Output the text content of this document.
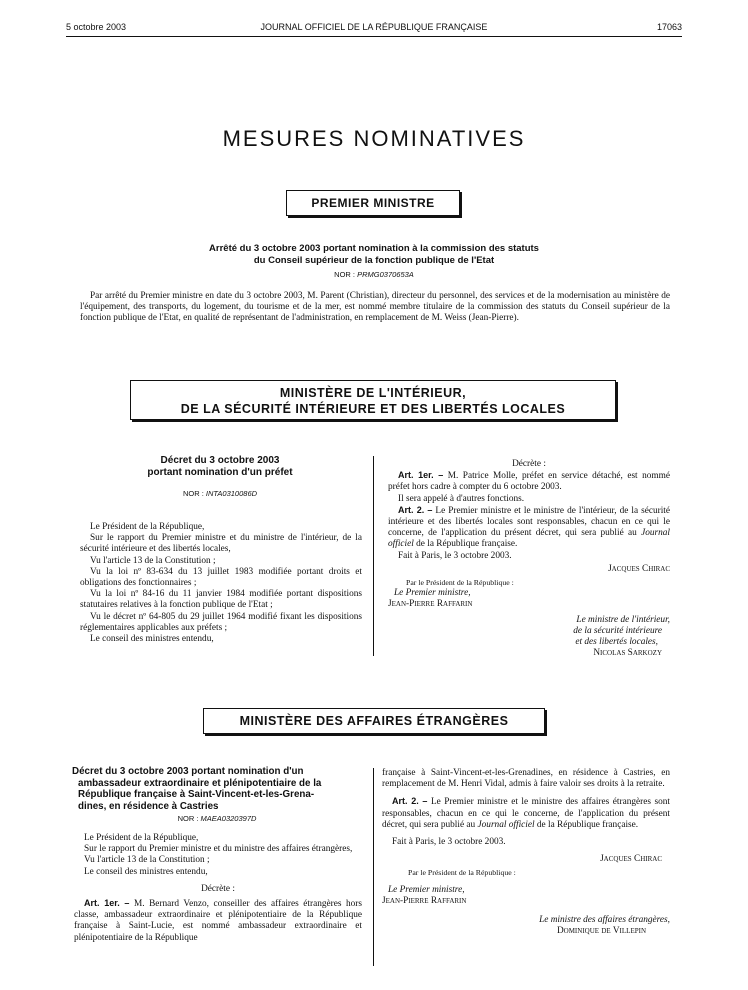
5 octobre 2003	JOURNAL OFFICIEL DE LA RÉPUBLIQUE FRANÇAISE	17063
MESURES NOMINATIVES
PREMIER MINISTRE
Arrêté du 3 octobre 2003 portant nomination à la commission des statuts
du Conseil supérieur de la fonction publique de l'Etat
NOR : PRMG0370653A

Par arrêté du Premier ministre en date du 3 octobre 2003, M. Parent (Christian), directeur du personnel, des services et de la modernisation au ministère de l'équipement, des transports, du logement, du tourisme et de la mer, est nommé membre titulaire de la commission des statuts du Conseil supérieur de la fonction publique de l'Etat, en qualité de représentant de l'administration, en remplacement de M. Weiss (Jean-Pierre).

MINISTÈRE DE L'INTÉRIEUR,
DE LA SÉCURITÉ INTÉRIEURE ET DES LIBERTÉS LOCALES
Décret du 3 octobre 2003
portant nomination d'un préfet
NOR : INTA0310086D

Le Président de la République,

Sur le rapport du Premier ministre et du ministre de l'intérieur, de la sécurité intérieure et des libertés locales,

Vu l'article 13 de la Constitution ;

Vu la loi nº 83-634 du 13 juillet 1983 modifiée portant droits et obligations des fonctionnaires ;

Vu la loi nº 84-16 du 11 janvier 1984 modifiée portant dispositions statutaires relatives à la fonction publique de l'Etat ;

Vu le décret nº 64-805 du 29 juillet 1964 modifié fixant les dispositions réglementaires applicables aux préfets ;

Le conseil des ministres entendu,

Décrète :

Art. 1er. – M. Patrice Molle, préfet en service détaché, est nommé préfet hors cadre à compter du 6 octobre 2003.

Il sera appelé à d'autres fonctions.

Art. 2. – Le Premier ministre et le ministre de l'intérieur, de la sécurité intérieure et des libertés locales sont responsables, chacun en ce qui le concerne, de l'application du présent décret, qui sera publié au Journal officiel de la République française.

Fait à Paris, le 3 octobre 2003.

Jacques Chirac

Par le Président de la République :

Le Premier ministre,

Jean-Pierre Raffarin

Le ministre de l'intérieur,

de la sécurité intérieure

et des libertés locales,

Nicolas Sarkozy

MINISTÈRE DES AFFAIRES ÉTRANGÈRES
Décret du 3 octobre 2003 portant nomination d'un
ambassadeur extraordinaire et plénipotentiaire de la
République française à Saint-Vincent-et-les-Grena-
dines, en résidence à Castries
NOR : MAEA0320397D

Le Président de la République,

Sur le rapport du Premier ministre et du ministre des affaires étrangères,

Vu l'article 13 de la Constitution ;

Le conseil des ministres entendu,

Décrète :

Art. 1er. – M. Bernard Venzo, conseiller des affaires étrangères hors classe, ambassadeur extraordinaire et plénipotentiaire de la République française à Saint-Lucie, est nommé ambassadeur extraordinaire et plénipotentiaire de la République

française à Saint-Vincent-et-les-Grenadines, en résidence à Castries, en remplacement de M. Henri Vidal, admis à faire valoir ses droits à la retraite.

Art. 2. – Le Premier ministre et le ministre des affaires étrangères sont responsables, chacun en ce qui le concerne, de l'application du présent décret, qui sera publié au Journal officiel de la République française.

Fait à Paris, le 3 octobre 2003.

Jacques Chirac

Par le Président de la République :

Le Premier ministre,

Jean-Pierre Raffarin

Le ministre des affaires étrangères,

Dominique de Villepin
